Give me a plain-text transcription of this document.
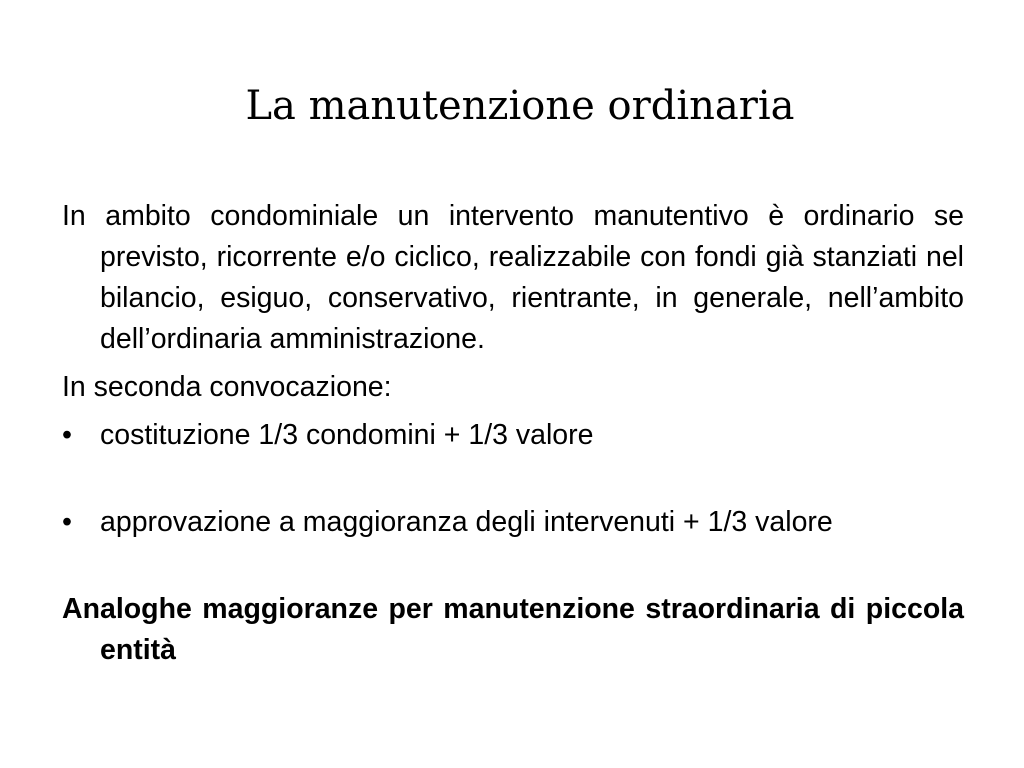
La manutenzione ordinaria

In ambito condominiale un intervento manutentivo è ordinario se previsto, ricorrente e/o ciclico, realizzabile con fondi già stanziati nel bilancio, esiguo, conservativo, rientrante, in generale, nell’ambito dell’ordinaria amministrazione.

In seconda convocazione:

• costituzione 1/3 condomini + 1/3 valore
• approvazione a maggioranza degli intervenuti + 1/3 valore

Analoghe maggioranze per manutenzione straordinaria di piccola entità
